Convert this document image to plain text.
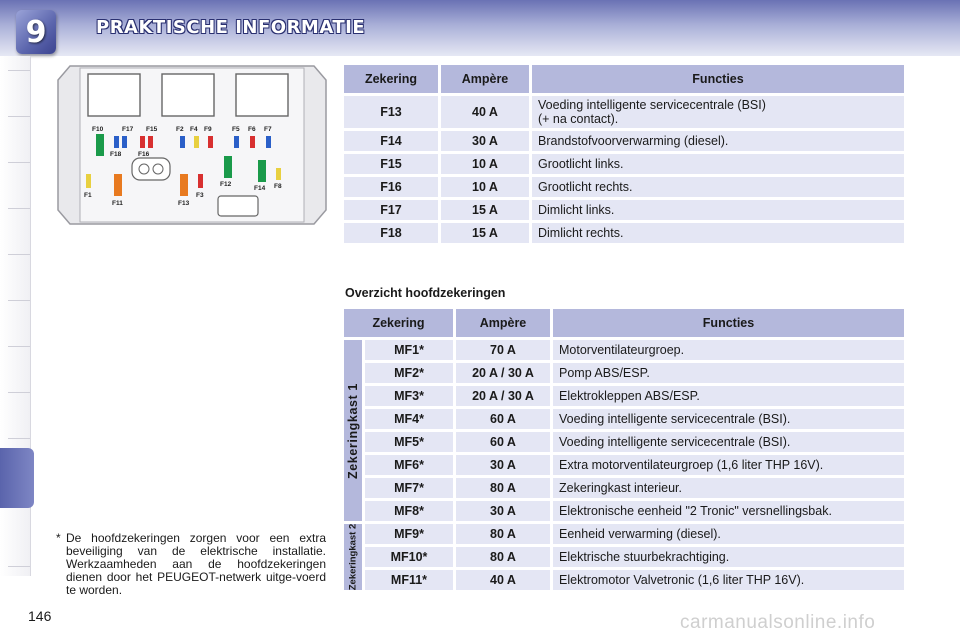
9	PRAKTISCHE INFORMATIE
F10	F17 F15	F2 F4 F9	F5 F6 F7
F18	F16
F1
F11	F13
F3
F12
F14 F8
Zekering	Ampère	Functies
F13	40 A	Voeding intelligente servicecentrale (BSI)
(+ na contact).
F14	30 A	Brandstofvoorverwarming (diesel).
F15	10 A	Grootlicht links.
F16	10 A	Grootlicht rechts.
F17	15 A	Dimlicht links.
F18	15 A	Dimlicht rechts.
Overzicht hoofdzekeringen
Zekering		Ampère	Functies

Zekeringkast 1	MF1*	70 A	Motorventilateurgroep.
	MF2*	20 A / 30 A	Pomp ABS/ESP.
	MF3*	20 A / 30 A	Elektrokleppen ABS/ESP.
	MF4*	60 A	Voeding intelligente servicecentrale (BSI).
	MF5*	60 A	Voeding intelligente servicecentrale (BSI).
	MF6*	30 A	Extra motorventilateurgroep (1,6 liter THP 16V).
	MF7*	80 A	Zekeringkast interieur.
	MF8*	30 A	Elektronische eenheid "2 Tronic" versnellingsbak.

Zekeringkast 2	MF9*	80 A	Eenheid verwarming (diesel).
	MF10*	80 A	Elektrische stuurbekrachtiging.
	MF11*	40 A	Elektromotor Valvetronic (1,6 liter THP 16V).
* De hoofdzekeringen zorgen voor een extra beveiliging van de elektrische installatie. Werkzaamheden aan de hoofdzekeringen dienen door het PEUGEOT-netwerk uitge-voerd te worden.
146	carmanualsonline.info
